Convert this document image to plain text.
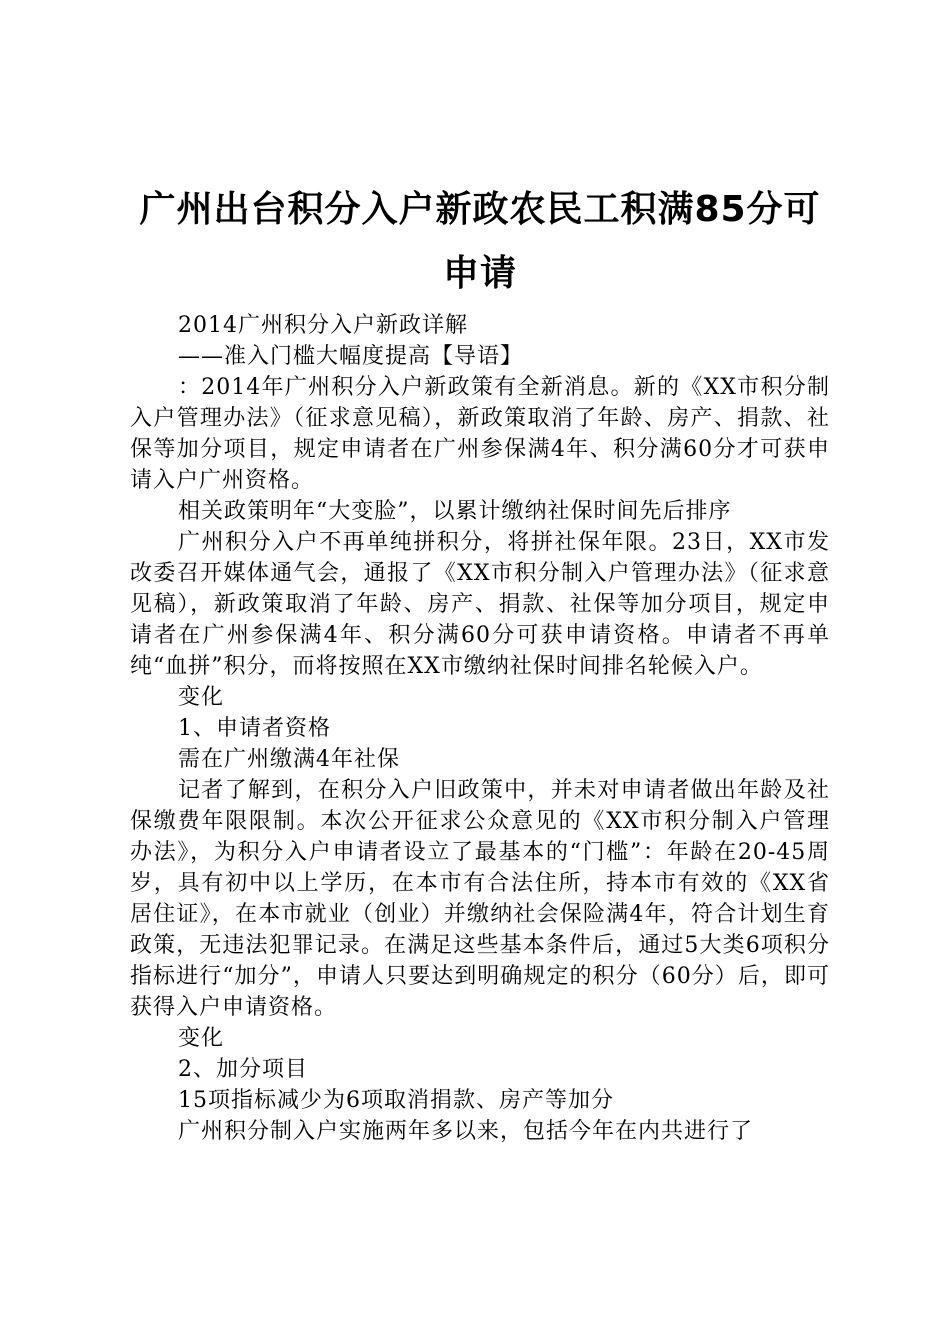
广州出台积分入户新政农民工积满85分可申请

2014广州积分入户新政详解

——准入门槛大幅度提高【导语】

：2014年广州积分入户新政策有全新消息。新的《XX市积分制入户管理办法》（征求意见稿），新政策取消了年龄、房产、捐款、社保等加分项目，规定申请者在广州参保满4年、积分满60分才可获申请入户广州资格。

相关政策明年“大变脸”，以累计缴纳社保时间先后排序

广州积分入户不再单纯拼积分，将拼社保年限。23日，XX市发改委召开媒体通气会，通报了《XX市积分制入户管理办法》（征求意见稿），新政策取消了年龄、房产、捐款、社保等加分项目，规定申请者在广州参保满4年、积分满60分可获申请资格。申请者不再单纯“血拼”积分，而将按照在XX市缴纳社保时间排名轮候入户。

变化

1、申请者资格

需在广州缴满4年社保

记者了解到，在积分入户旧政策中，并未对申请者做出年龄及社保缴费年限限制。本次公开征求公众意见的《XX市积分制入户管理办法》，为积分入户申请者设立了最基本的“门槛”：年龄在20-45周岁，具有初中以上学历，在本市有合法住所，持本市有效的《XX省居住证》，在本市就业（创业）并缴纳社会保险满4年，符合计划生育政策，无违法犯罪记录。在满足这些基本条件后，通过5大类6项积分指标进行“加分”，申请人只要达到明确规定的积分（60分）后，即可获得入户申请资格。

变化

2、加分项目

15项指标减少为6项取消捐款、房产等加分

广州积分制入户实施两年多以来，包括今年在内共进行了
